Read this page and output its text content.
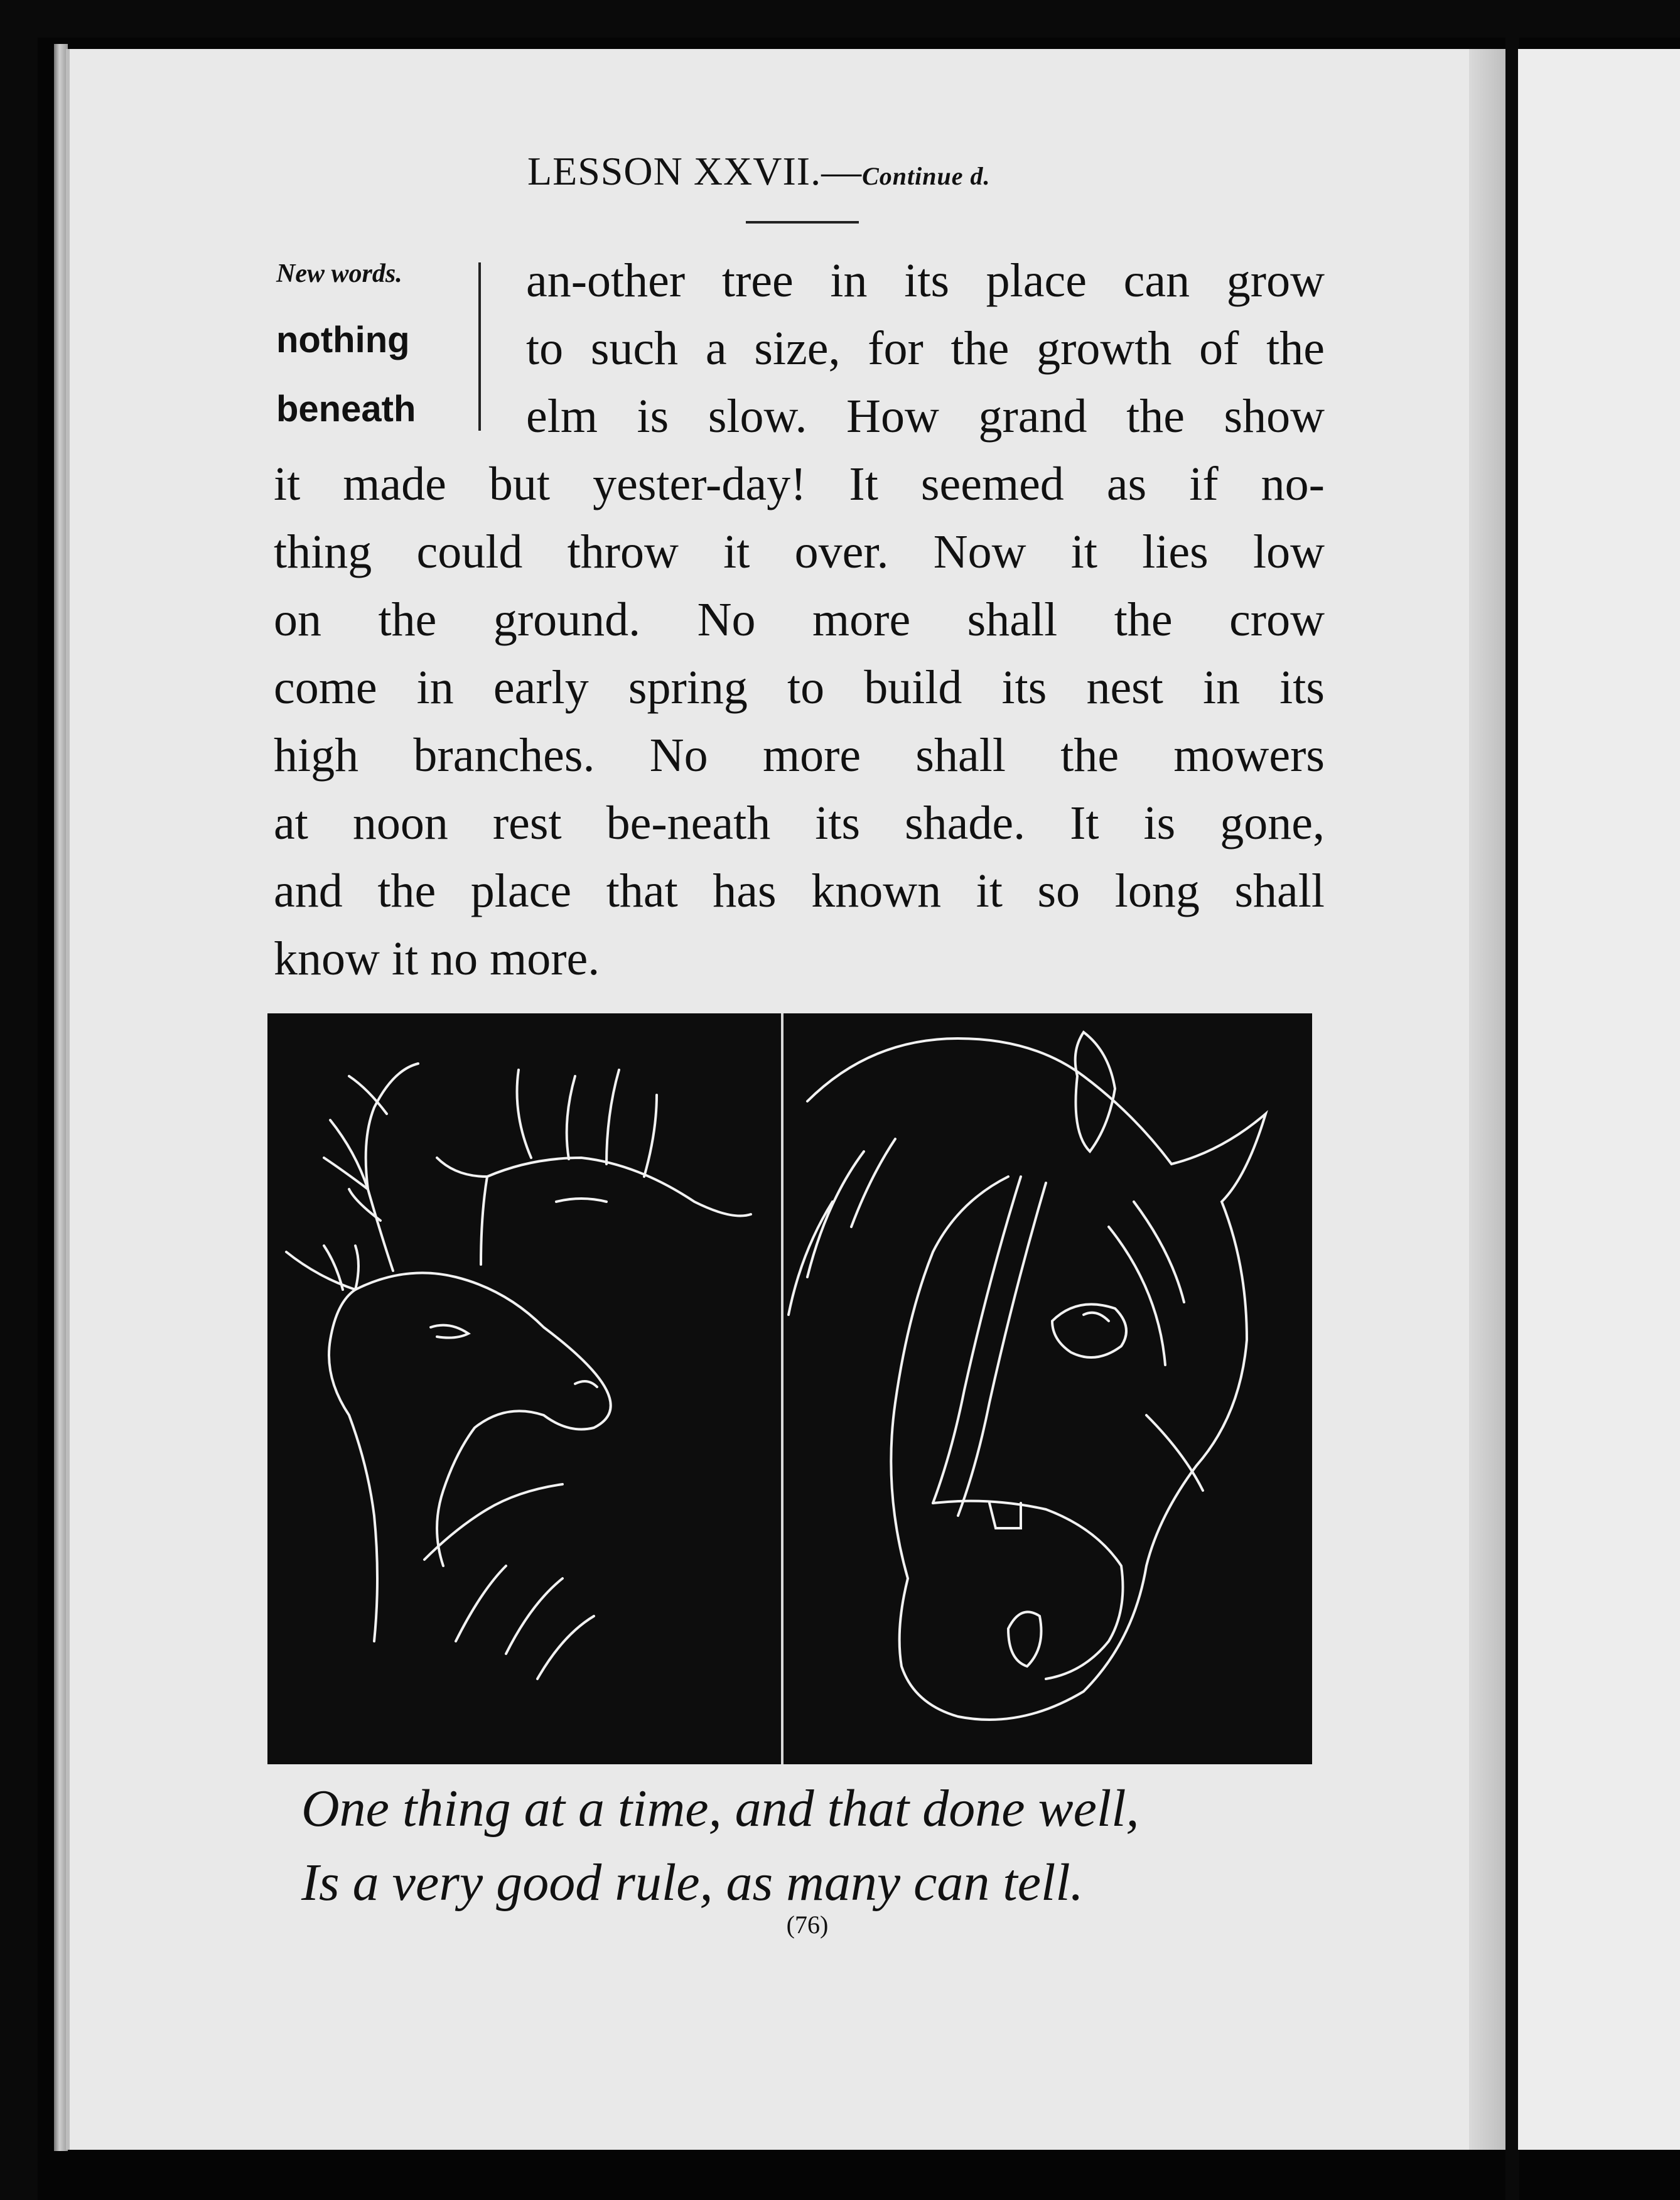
LESSON XXVII.—Continue d.
New words.
nothing
beneath
an-other tree in its place can grow
to such a size, for the growth of the
elm is slow. How grand the show
it made but yester-day! It seemed as if no-
thing could throw it over. Now it lies low
on the ground. No more shall the crow
come in early spring to build its nest in its
high branches. No more shall the mowers
at noon rest be-neath its shade. It is gone,
and the place that has known it so long shall
know it no more.
One thing at a time, and that done well,
Is a very good rule, as many can tell.
(76)
